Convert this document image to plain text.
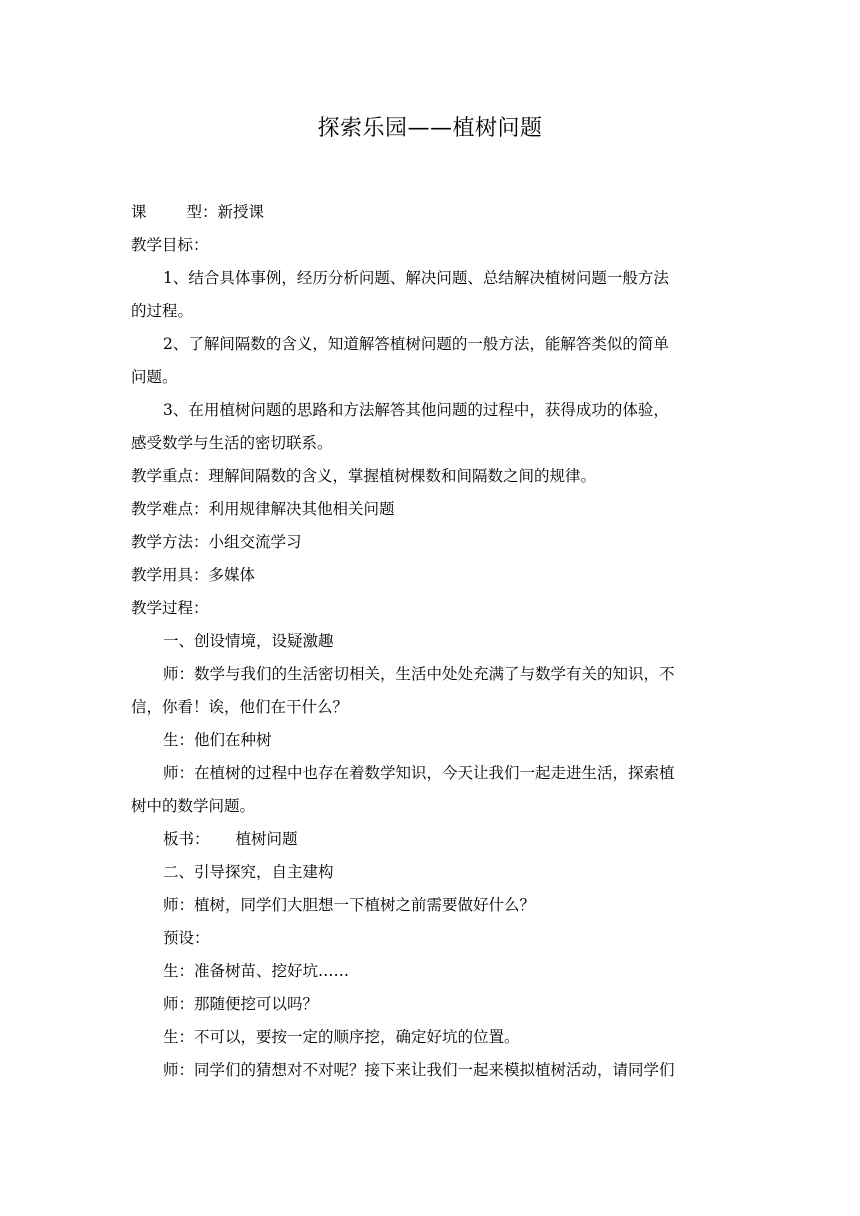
探索乐园——植树问题
课	型：新授课
教学目标：
1、结合具体事例，经历分析问题、解决问题、总结解决植树问题一般方法
的过程。
2、了解间隔数的含义，知道解答植树问题的一般方法，能解答类似的简单
问题。
3、在用植树问题的思路和方法解答其他问题的过程中，获得成功的体验，
感受数学与生活的密切联系。
教学重点：理解间隔数的含义，掌握植树棵数和间隔数之间的规律。
教学难点：利用规律解决其他相关问题
教学方法：小组交流学习
教学用具：多媒体
教学过程：
一、创设情境，设疑激趣
师：数学与我们的生活密切相关，生活中处处充满了与数学有关的知识，不
信，你看！诶，他们在干什么？
生：他们在种树
师：在植树的过程中也存在着数学知识，今天让我们一起走进生活，探索植
树中的数学问题。
板书： 植树问题
二、引导探究，自主建构
师：植树，同学们大胆想一下植树之前需要做好什么？
预设：
生：准备树苗、挖好坑……
师：那随便挖可以吗？
生：不可以，要按一定的顺序挖，确定好坑的位置。
师：同学们的猜想对不对呢？接下来让我们一起来模拟植树活动，请同学们
